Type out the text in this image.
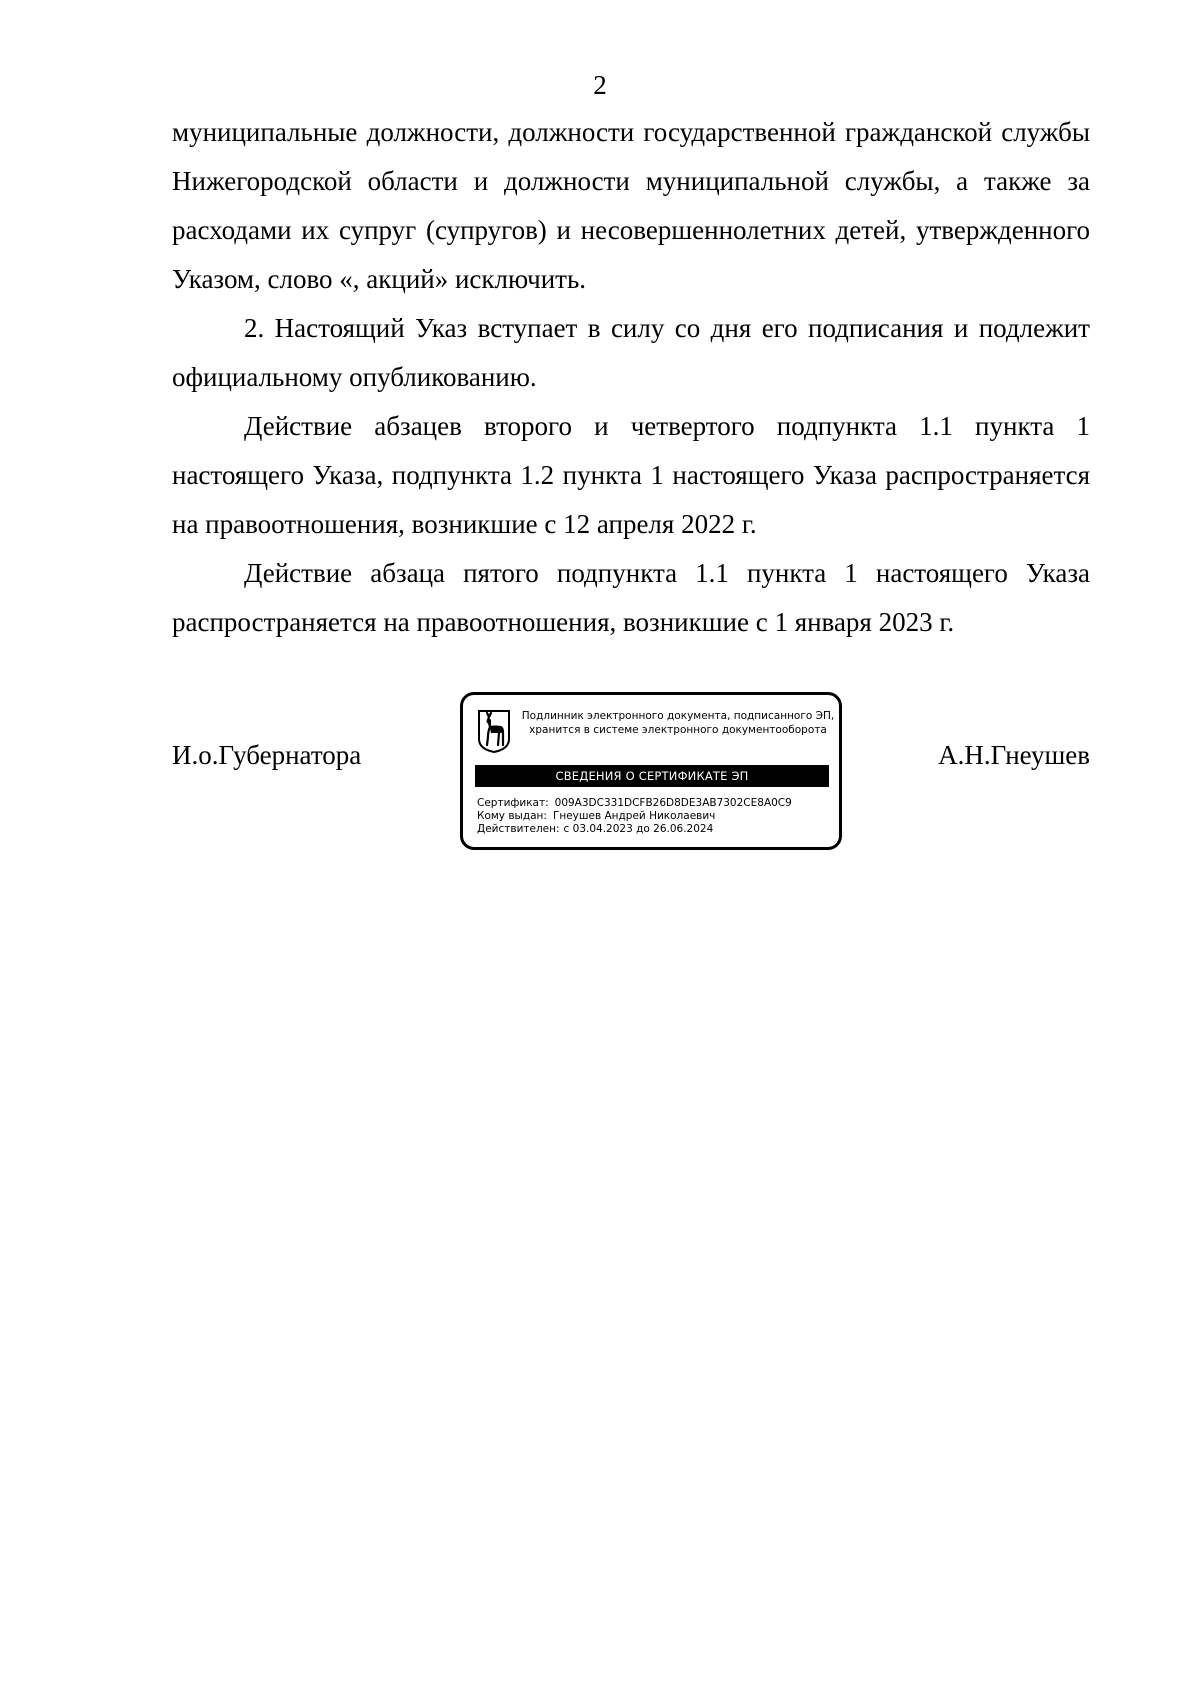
2

муниципальные должности, должности государственной гражданской службы Нижегородской области и должности муниципальной службы, а также за расходами их супруг (супругов) и несовершеннолетних детей, утвержденного Указом, слово «, акций» исключить.

2. Настоящий Указ вступает в силу со дня его подписания и подлежит официальному опубликованию.

Действие абзацев второго и четвертого подпункта 1.1 пункта 1 настоящего Указа, подпункта 1.2 пункта 1 настоящего Указа распространяется на правоотношения, возникшие с 12 апреля 2022 г.

Действие абзаца пятого подпункта 1.1 пункта 1 настоящего Указа распространяется на правоотношения, возникшие с 1 января 2023 г.

И.о.Губернатора
Подлинник электронного документа, подписанного ЭП,
хранится в системе электронного документооборота
СВЕДЕНИЯ О СЕРТИФИКАТЕ ЭП
Сертификат: 009A3DC331DCFB26D8DE3AB7302CE8A0C9
Кому выдан: Гнеушев Андрей Николаевич
Действителен: с 03.04.2023 до 26.06.2024
А.Н.Гнеушев
